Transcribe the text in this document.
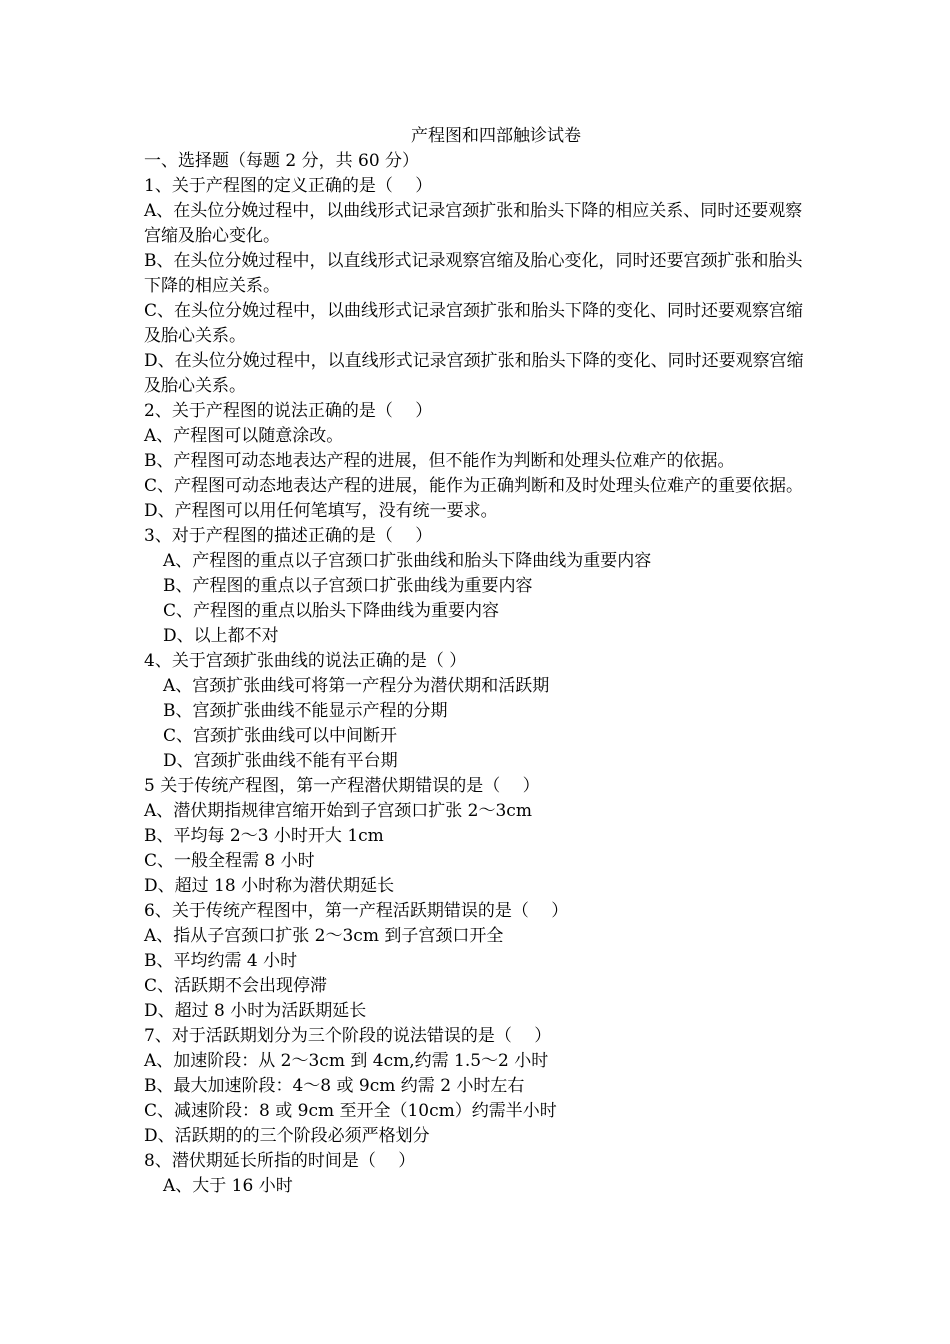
产程图和四部触诊试卷

一、选择题（每题 2 分，共 60 分）

1、关于产程图的定义正确的是（　 ）

A、在头位分娩过程中，以曲线形式记录宫颈扩张和胎头下降的相应关系、同时还要观察宫缩及胎心变化。

B、在头位分娩过程中，以直线形式记录观察宫缩及胎心变化，同时还要宫颈扩张和胎头下降的相应关系。

C、在头位分娩过程中，以曲线形式记录宫颈扩张和胎头下降的变化、同时还要观察宫缩及胎心关系。

D、在头位分娩过程中，以直线形式记录宫颈扩张和胎头下降的变化、同时还要观察宫缩及胎心关系。

2、关于产程图的说法正确的是（　 ）

A、产程图可以随意涂改。

B、产程图可动态地表达产程的进展，但不能作为判断和处理头位难产的依据。

C、产程图可动态地表达产程的进展，能作为正确判断和及时处理头位难产的重要依据。

D、产程图可以用任何笔填写，没有统一要求。

3、对于产程图的描述正确的是（　 ）

A、产程图的重点以子宫颈口扩张曲线和胎头下降曲线为重要内容

B、产程图的重点以子宫颈口扩张曲线为重要内容

C、产程图的重点以胎头下降曲线为重要内容

D、以上都不对

4、关于宫颈扩张曲线的说法正确的是（ ）

A、宫颈扩张曲线可将第一产程分为潜伏期和活跃期

B、宫颈扩张曲线不能显示产程的分期

C、宫颈扩张曲线可以中间断开

D、宫颈扩张曲线不能有平台期

5 关于传统产程图，第一产程潜伏期错误的是（　 ）

A、潜伏期指规律宫缩开始到子宫颈口扩张 2～3cm

B、平均每 2～3 小时开大 1cm

C、一般全程需 8 小时

D、超过 18 小时称为潜伏期延长

6、关于传统产程图中，第一产程活跃期错误的是（　 ）

A、指从子宫颈口扩张 2～3cm 到子宫颈口开全

B、平均约需 4 小时

C、活跃期不会出现停滞

D、超过 8 小时为活跃期延长

7、对于活跃期划分为三个阶段的说法错误的是（　 ）

A、加速阶段：从 2～3cm 到 4cm,约需 1.5～2 小时

B、最大加速阶段：4～8 或 9cm 约需 2 小时左右

C、减速阶段：8 或 9cm 至开全（10cm）约需半小时

D、活跃期的的三个阶段必须严格划分

8、潜伏期延长所指的时间是（　 ）

A、大于 16 小时
